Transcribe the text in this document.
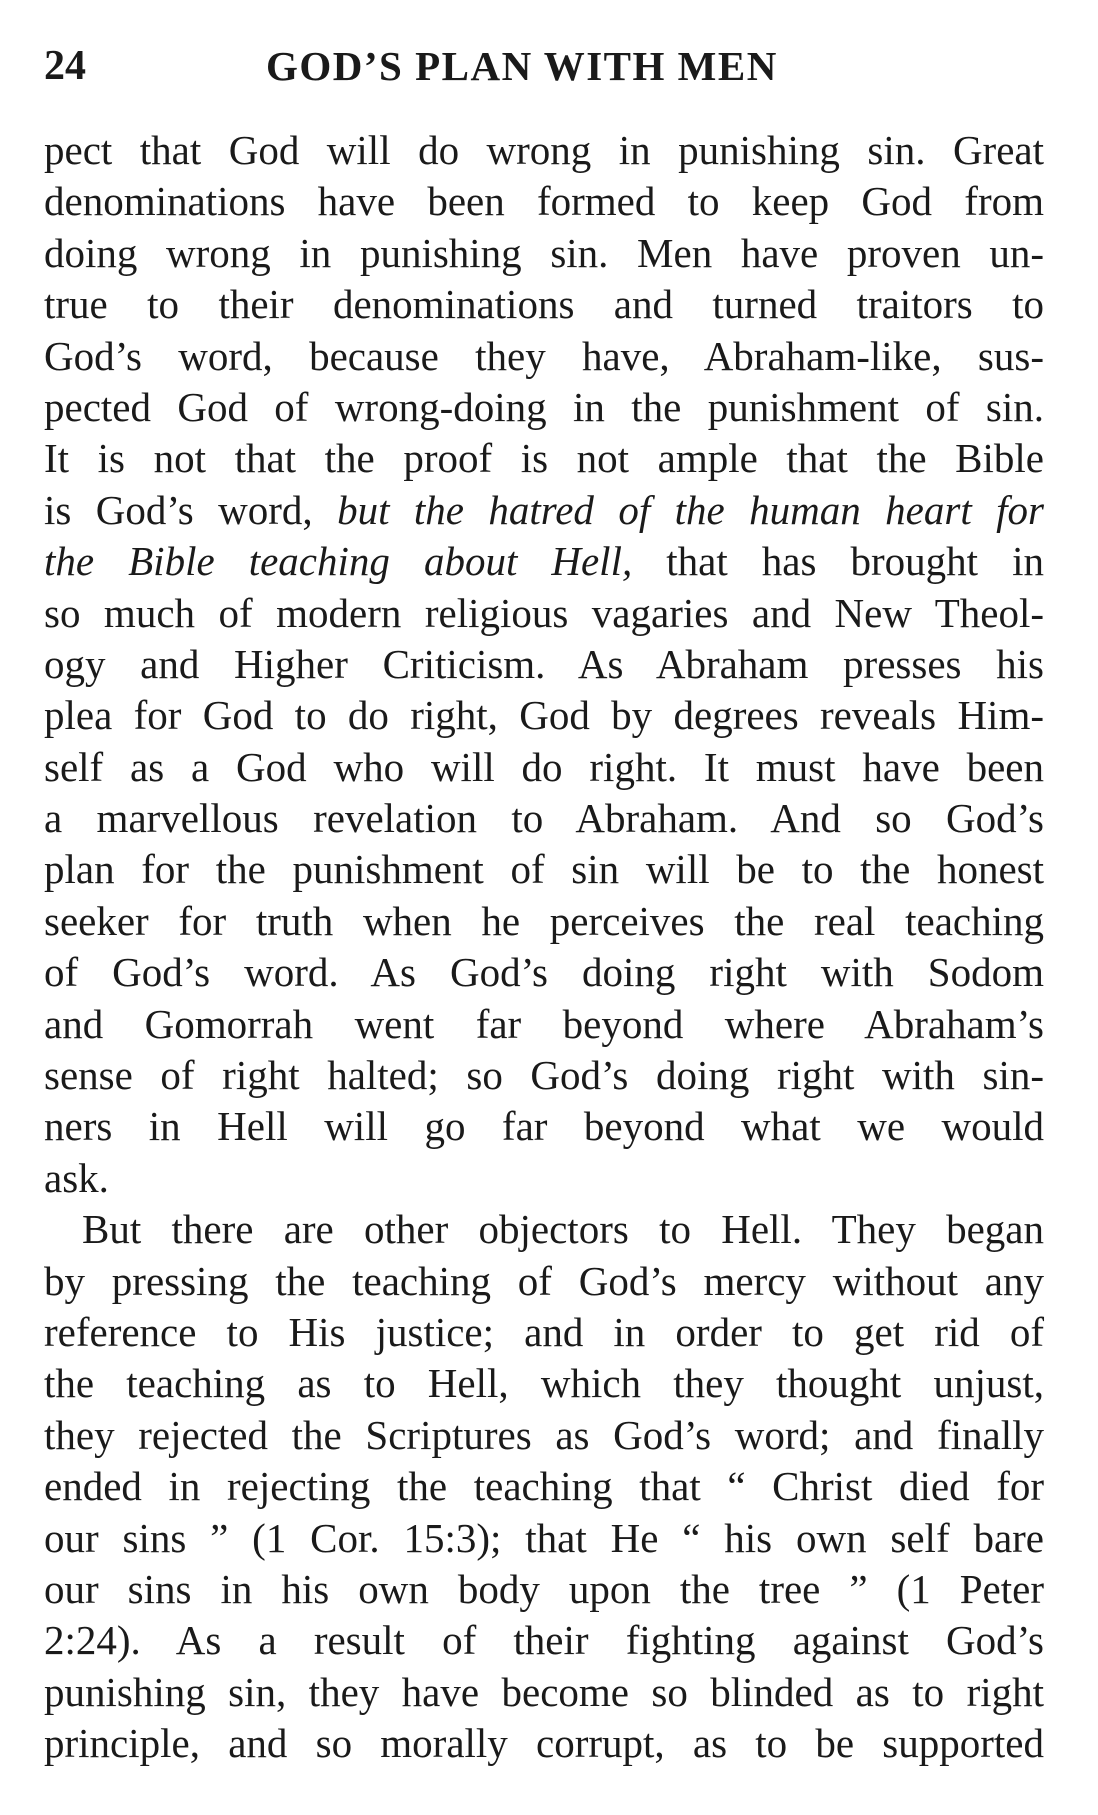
24	GOD’S PLAN WITH MEN
pect that God will do wrong in punishing sin. Great
denominations have been formed to keep God from
doing wrong in punishing sin. Men have proven un-
true to their denominations and turned traitors to
God’s word, because they have, Abraham-like, sus-
pected God of wrong-doing in the punishment of sin.
It is not that the proof is not ample that the Bible
is God’s word, but the hatred of the human heart for
the Bible teaching about Hell, that has brought in
so much of modern religious vagaries and New Theol-
ogy and Higher Criticism. As Abraham presses his
plea for God to do right, God by degrees reveals Him-
self as a God who will do right. It must have been
a marvellous revelation to Abraham. And so God’s
plan for the punishment of sin will be to the honest
seeker for truth when he perceives the real teaching
of God’s word. As God’s doing right with Sodom
and Gomorrah went far beyond where Abraham’s
sense of right halted; so God’s doing right with sin-
ners in Hell will go far beyond what we would
ask.
But there are other objectors to Hell. They began
by pressing the teaching of God’s mercy without any
reference to His justice; and in order to get rid of
the teaching as to Hell, which they thought unjust,
they rejected the Scriptures as God’s word; and finally
ended in rejecting the teaching that “ Christ died for
our sins ” (1 Cor. 15:3); that He “ his own self bare
our sins in his own body upon the tree ” (1 Peter
2:24). As a result of their fighting against God’s
punishing sin, they have become so blinded as to right
principle, and so morally corrupt, as to be supported
